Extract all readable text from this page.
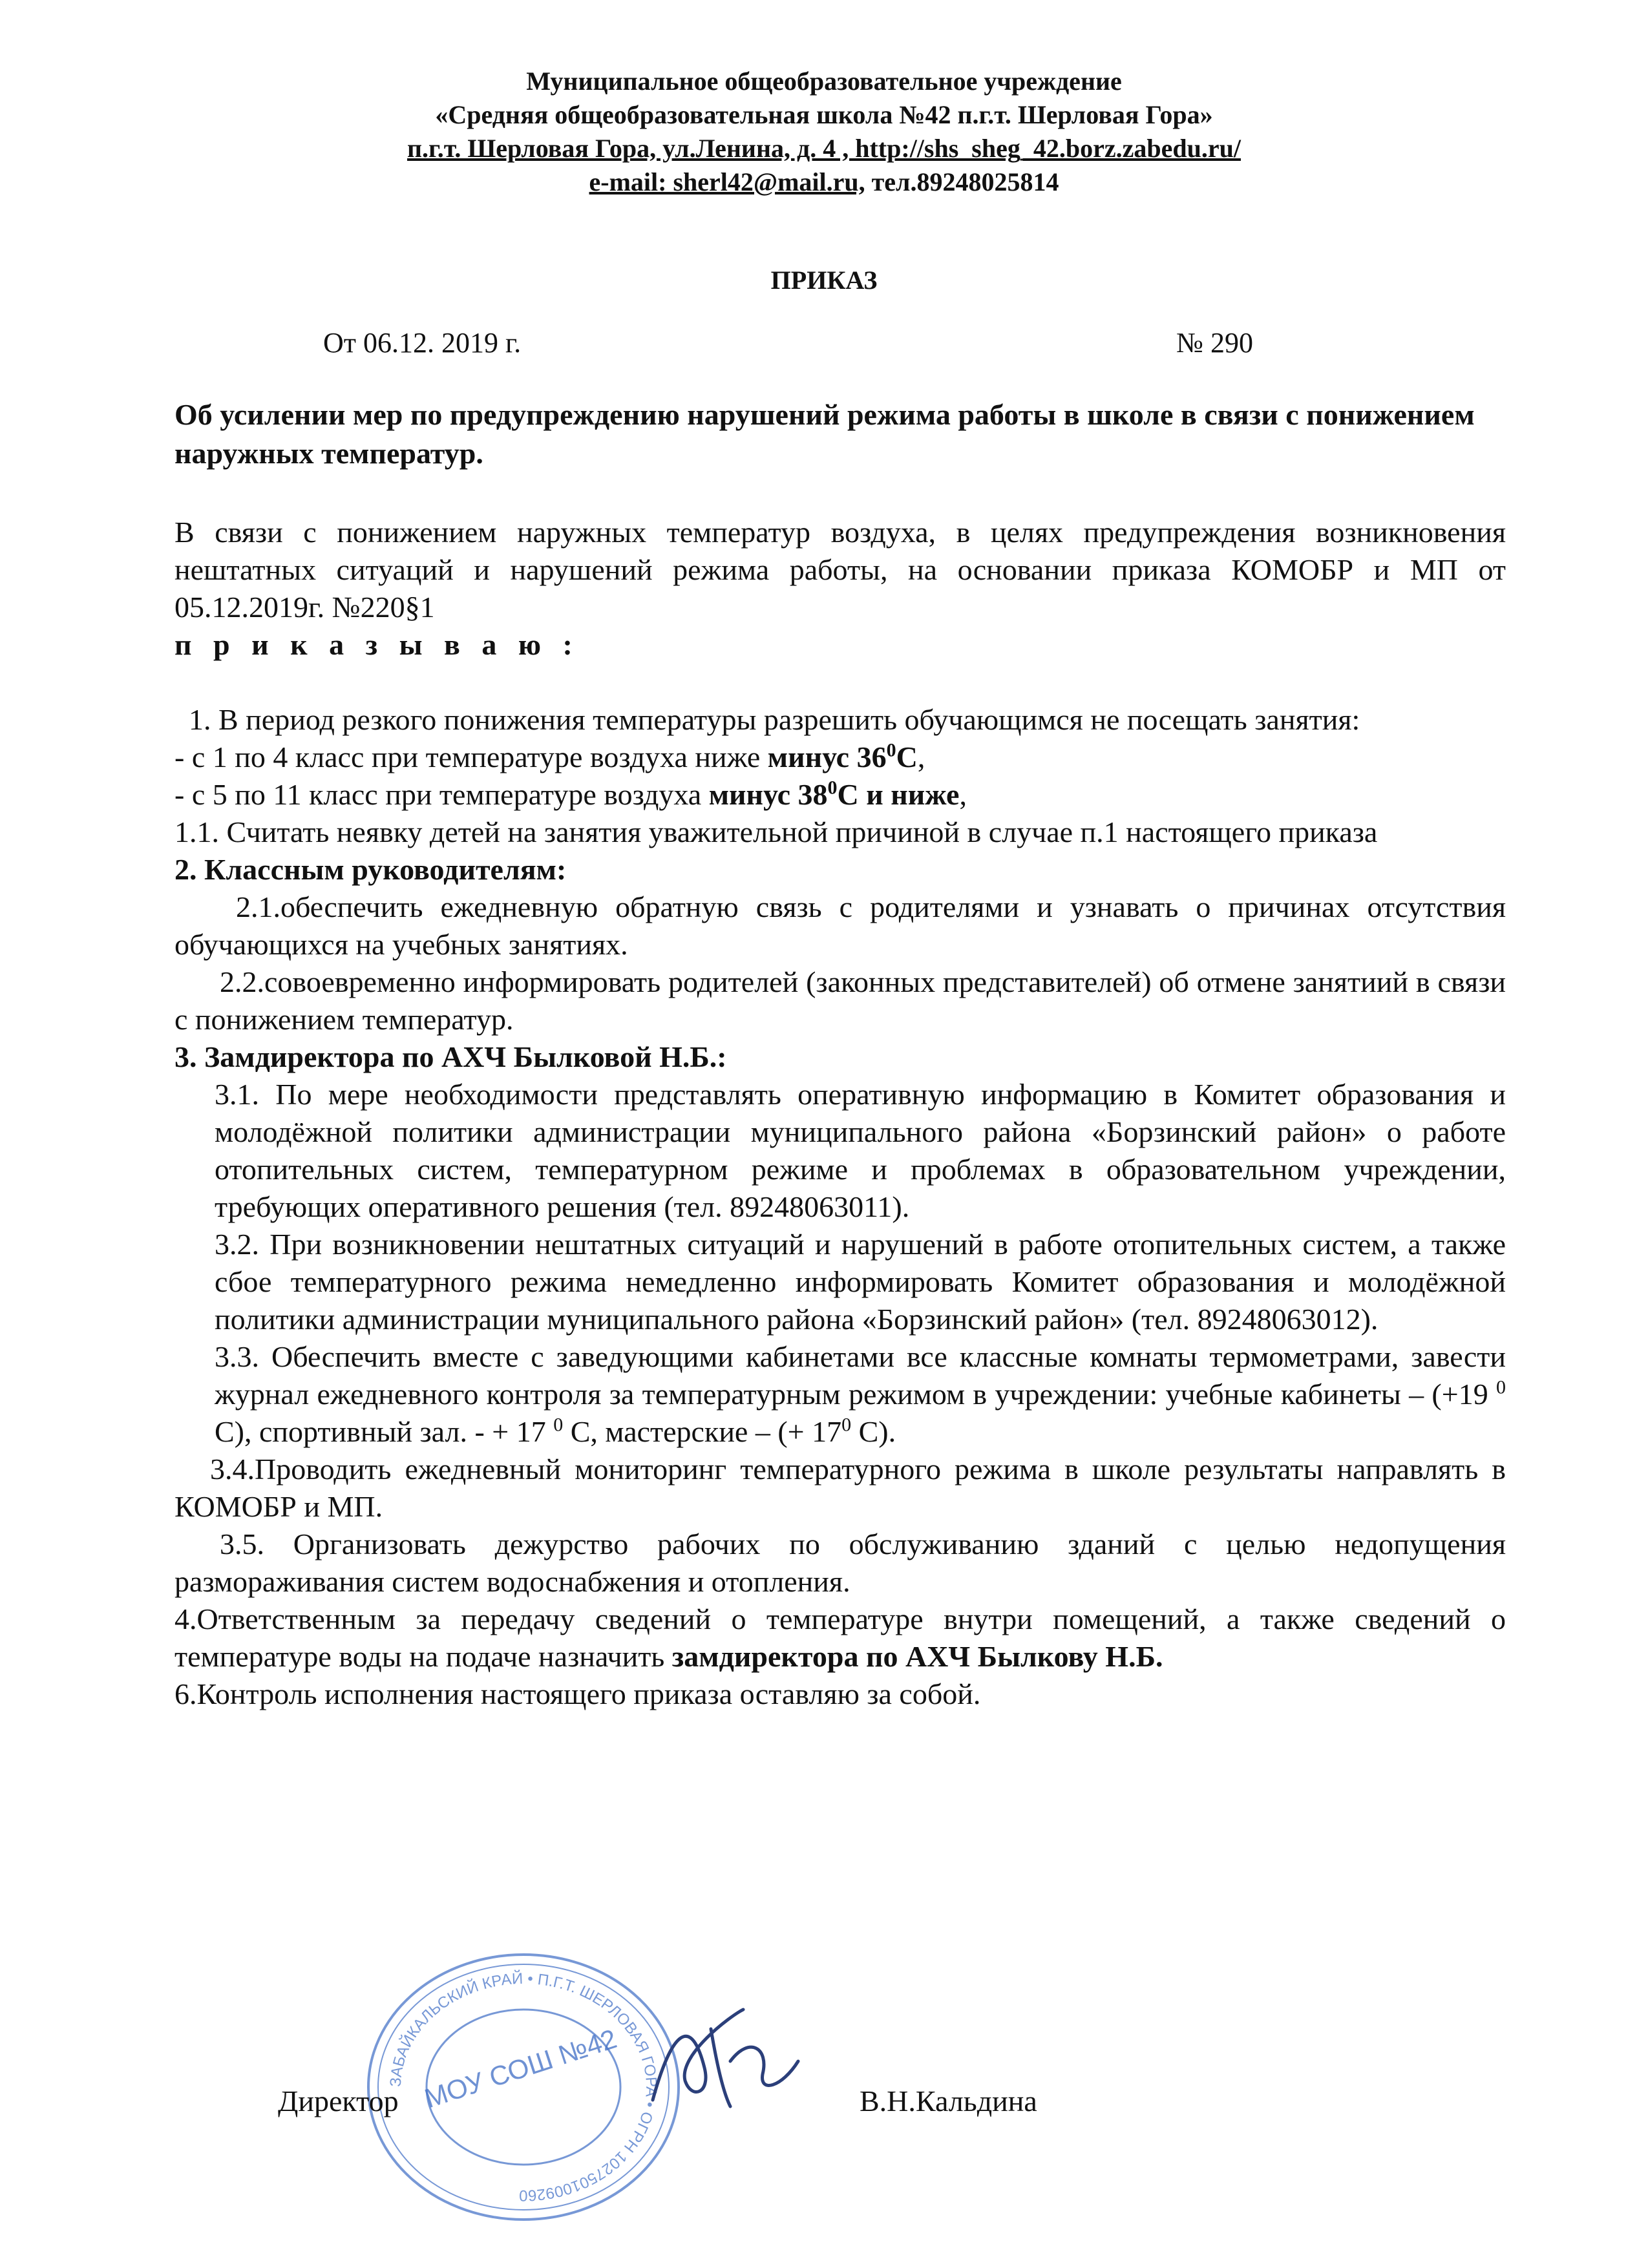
Муниципальное общеобразовательное учреждение
«Средняя общеобразовательная школа №42 п.г.т. Шерловая Гора»
п.г.т. Шерловая Гора, ул.Ленина, д. 4 , http://shs_sheg_42.borz.zabedu.ru/
e-mail: sherl42@mail.ru, тел.89248025814
ПРИКАЗ
От 06.12. 2019 г.	№ 290
Об усилении мер по предупреждению нарушений режима работы в школе в связи с понижением наружных температур.

В связи с понижением наружных температур воздуха, в целях предупреждения возникновения нештатных ситуаций и нарушений режима работы, на основании приказа КОМОБР и МП от 05.12.2019г. №220§1

п р и к а з ы в а ю :

1. В период резкого понижения температуры разрешить обучающимся не посещать занятия:

- с 1 по 4 класс при температуре воздуха ниже минус $36^0С$,

- с 5 по 11 класс при температуре воздуха минус $38^0С$ и ниже,

1.1. Считать неявку детей на занятия уважительной причиной в случае п.1 настоящего приказа

2. Классным руководителям:

2.1.обеспечить ежедневную обратную связь с родителями и узнавать о причинах отсутствия обучающихся на учебных занятиях.

2.2.совоевременно информировать родителей (законных представителей) об отмене занятиий в связи с понижением температур.

3. Замдиректора по АХЧ Былковой Н.Б.:

3.1. По мере необходимости представлять оперативную информацию в Комитет образования и молодёжной политики администрации муниципального района «Борзинский район» о работе отопительных систем, температурном режиме и проблемах в образовательном учреждении, требующих оперативного решения (тел. 89248063011).

3.2. При возникновении нештатных ситуаций и нарушений в работе отопительных систем, а также сбое температурного режима немедленно информировать Комитет образования и молодёжной политики администрации муниципального района «Борзинский район» (тел. 89248063012).

3.3. Обеспечить вместе с заведующими кабинетами все классные комнаты термометрами, завести журнал ежедневного контроля за температурным режимом в учреждении: учебные кабинеты – (+19 $^0$ С), спортивный зал. - + 17 $^0$ С, мастерские – (+ $17^0$ С).

3.4.Проводить ежедневный мониторинг температурного режима в школе результаты направлять в КОМОБР и МП.

3.5. Организовать дежурство рабочих по обслуживанию зданий с целью недопущения размораживания систем водоснабжения и отопления.

4.Ответственным за передачу сведений о температуре внутри помещений, а также сведений о температуре воды на подаче назначить замдиректора по АХЧ Былкову Н.Б.

6.Контроль исполнения настоящего приказа оставляю за собой.

ЗАБАЙКАЛЬСКИЙ КРАЙ • П.Г.Т. ШЕРЛОВАЯ ГОРА • ОГРН 1027501009260
МОУ СОШ №42
Директор	В.Н.Кальдина
